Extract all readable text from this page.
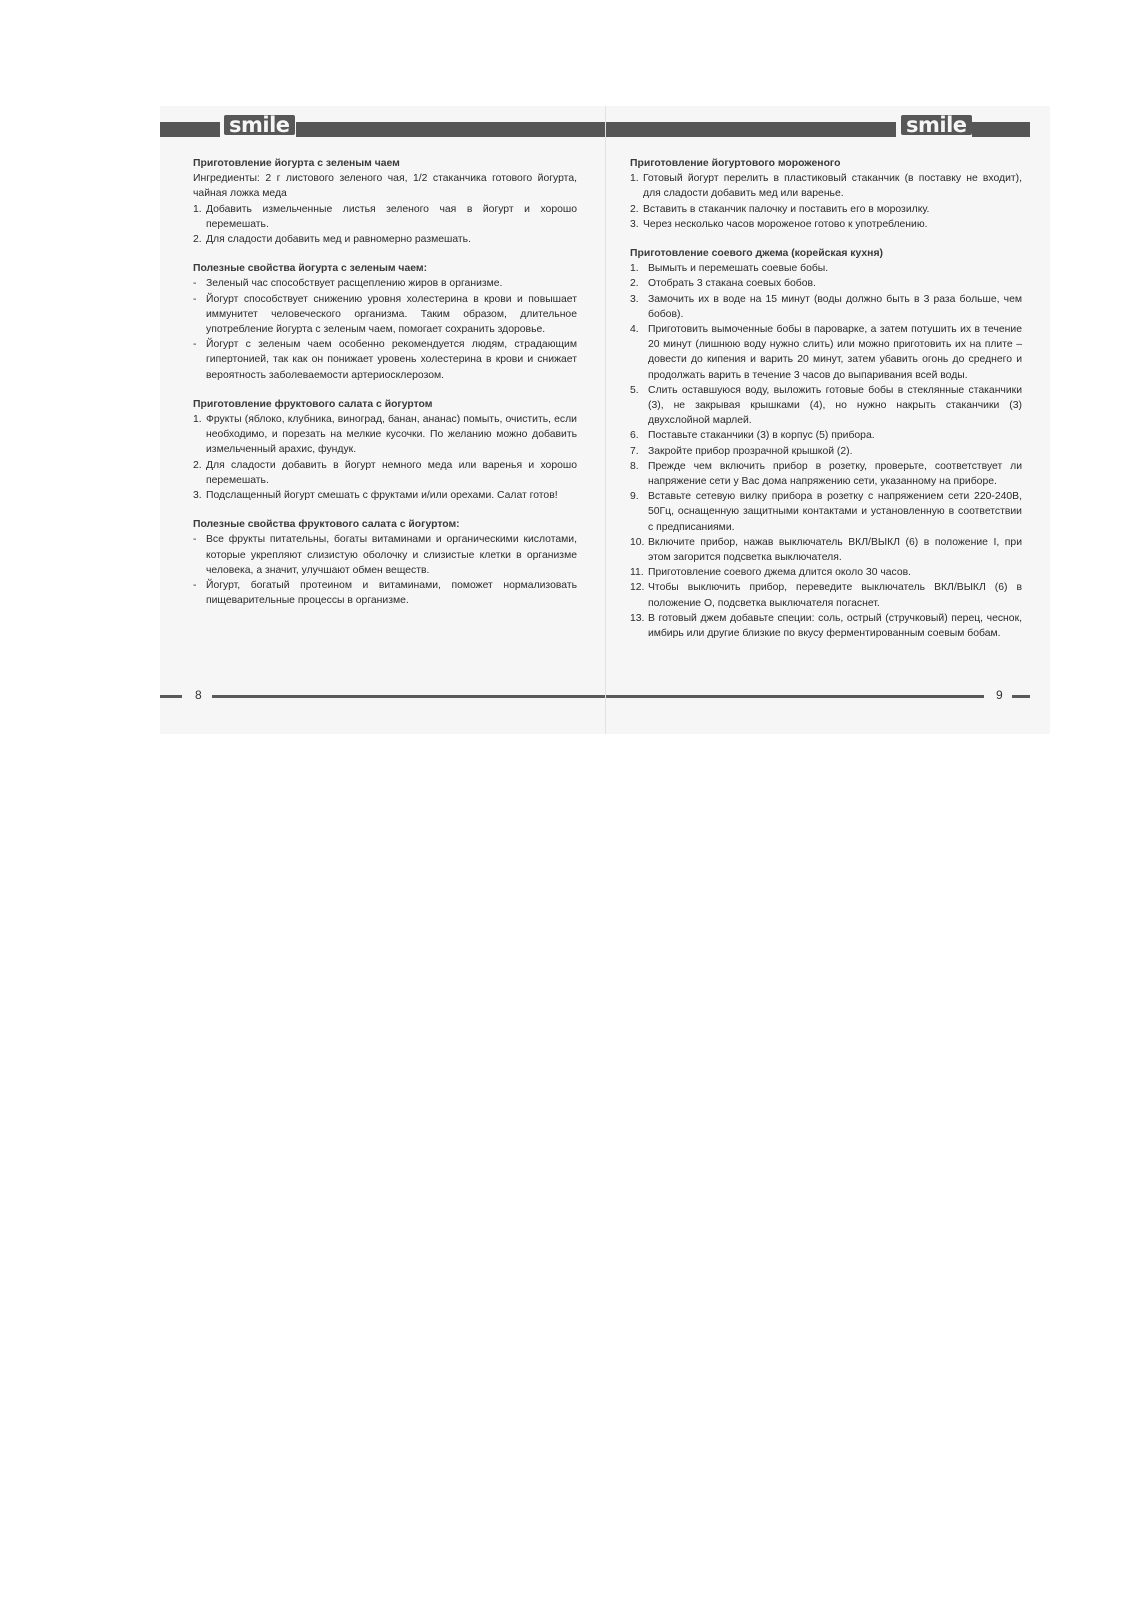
smile	smile

Приготовление йогурта с зеленым чаем

Ингредиенты: 2 г листового зеленого чая, 1/2 стаканчика готового йогурта, чайная ложка меда

1. Добавить измельченные листья зеленого чая в йогурт и хорошо перемешать.

2. Для сладости добавить мед и равномерно размешать.

Полезные свойства йогурта с зеленым чаем:

- Зеленый час способствует расщеплению жиров в организме.

- Йогурт способствует снижению уровня холестерина в крови и повышает иммунитет человеческого организма. Таким образом, длительное употребление йогурта с зеленым чаем, помогает сохранить здоровье.

- Йогурт с зеленым чаем особенно рекомендуется людям, страдающим гипертонией, так как он понижает уровень холестерина в крови и снижает вероятность заболеваемости артериосклерозом.

Приготовление фруктового салата с йогуртом

1. Фрукты (яблоко, клубника, виноград, банан, ананас) помыть, очистить, если необходимо, и порезать на мелкие кусочки. По желанию можно добавить измельченный арахис, фундук.

2. Для сладости добавить в йогурт немного меда или варенья и хорошо перемешать.

3. Подслащенный йогурт смешать с фруктами и/или орехами. Салат готов!

Полезные свойства фруктового салата с йогуртом:

- Все фрукты питательны, богаты витаминами и органическими кислотами, которые укрепляют слизистую оболочку и слизистые клетки в организме человека, а значит, улучшают обмен веществ.

- Йогурт, богатый протеином и витаминами, поможет нормализовать пищеварительные процессы в организме.

Приготовление йогуртового мороженого

1. Готовый йогурт перелить в пластиковый стаканчик (в поставку не входит), для сладости добавить мед или варенье.

2. Вставить в стаканчик палочку и поставить его в морозилку.

3. Через несколько часов мороженое готово к употреблению.

Приготовление соевого джема (корейская кухня)

1. Вымыть и перемешать соевые бобы.

2. Отобрать 3 стакана соевых бобов.

3. Замочить их в воде на 15 минут (воды должно быть в 3 раза больше, чем бобов).

4. Приготовить вымоченные бобы в пароварке, а затем потушить их в течение 20 минут (лишнюю воду нужно слить) или можно приготовить их на плите – довести до кипения и варить 20 минут, затем убавить огонь до среднего и продолжать варить в течение 3 часов до выпаривания всей воды.

5. Слить оставшуюся воду, выложить готовые бобы в стеклянные стаканчики (3), не закрывая крышками (4), но нужно накрыть стаканчики (3) двухслойной марлей.

6. Поставьте стаканчики (3) в корпус (5) прибора.

7. Закройте прибор прозрачной крышкой (2).

8. Прежде чем включить прибор в розетку, проверьте, соответствует ли напряжение сети у Вас дома напряжению сети, указанному на приборе.

9. Вставьте сетевую вилку прибора в розетку с напряжением сети 220-240В, 50Гц, оснащенную защитными контактами и установленную в соответствии с предписаниями.

10. Включите прибор, нажав выключатель ВКЛ/ВЫКЛ (6) в положение I, при этом загорится подсветка выключателя.

11. Приготовление соевого джема длится около 30 часов.

12. Чтобы выключить прибор, переведите выключатель ВКЛ/ВЫКЛ (6) в положение O, подсветка выключателя погаснет.

13. В готовый джем добавьте специи: соль, острый (стручковый) перец, чеснок, имбирь или другие близкие по вкусу ферментированным соевым бобам.

8	9
